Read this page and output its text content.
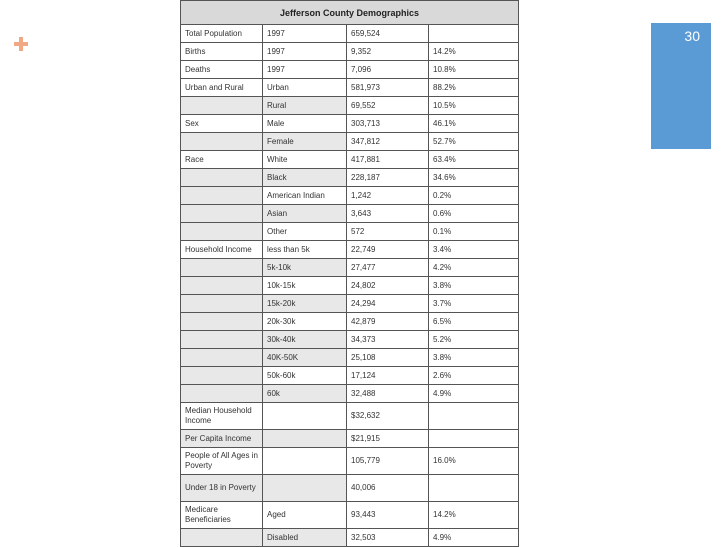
30
Jefferson County Demographics			
Total Population	1997	659,524	
Births	1997	9,352	14.2%
Deaths	1997	7,096	10.8%
Urban and Rural	Urban	581,973	88.2%
	Rural	69,552	10.5%
Sex	Male	303,713	46.1%
	Female	347,812	52.7%
Race	White	417,881	63.4%
	Black	228,187	34.6%
	American Indian	1,242	0.2%
	Asian	3,643	0.6%
	Other	572	0.1%
Household Income	less than 5k	22,749	3.4%
	5k-10k	27,477	4.2%
	10k-15k	24,802	3.8%
	15k-20k	24,294	3.7%
	20k-30k	42,879	6.5%
	30k-40k	34,373	5.2%
	40K-50K	25,108	3.8%
	50k-60k	17,124	2.6%
	60k	32,488	4.9%
Median Household Income		$32,632	
Per Capita Income		$21,915	
People of All Ages in Poverty		105,779	16.0%
Under 18 in Poverty		40,006	
Medicare Beneficiaries	Aged	93,443	14.2%
	Disabled	32,503	4.9%
